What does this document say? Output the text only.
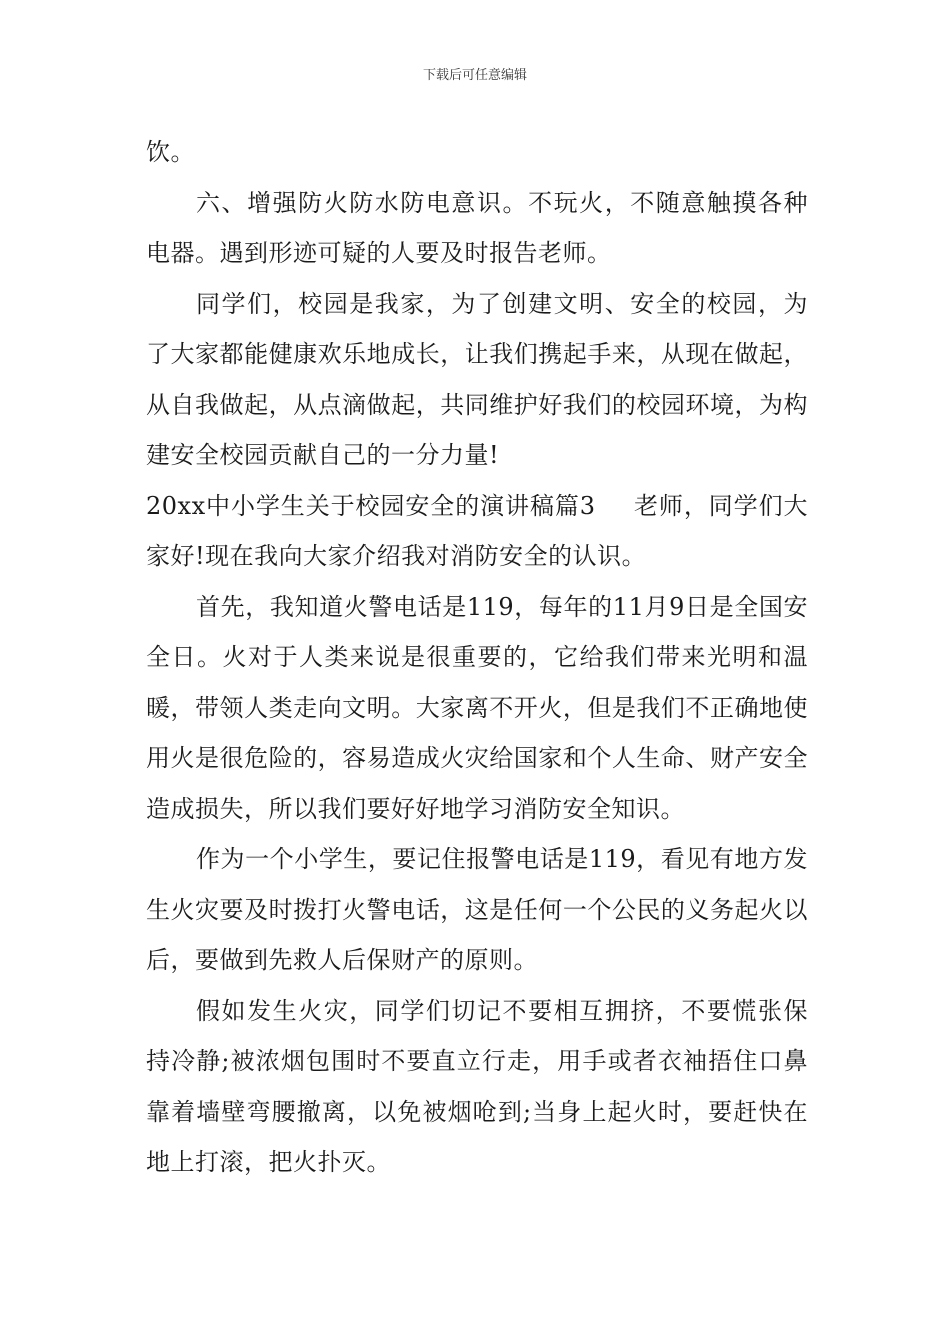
下载后可任意编辑

饮。

六、增强防火防水防电意识。不玩火，不随意触摸各种电器。遇到形迹可疑的人要及时报告老师。

同学们，校园是我家，为了创建文明、安全的校园，为了大家都能健康欢乐地成长，让我们携起手来，从现在做起，从自我做起，从点滴做起，共同维护好我们的校园环境，为构建安全校园贡献自己的一分力量!

20xx中小学生关于校园安全的演讲稿篇3 老师，同学们大家好!现在我向大家介绍我对消防安全的认识。

首先，我知道火警电话是119，每年的11月9日是全国安全日。火对于人类来说是很重要的，它给我们带来光明和温暖，带领人类走向文明。大家离不开火，但是我们不正确地使用火是很危险的，容易造成火灾给国家和个人生命、财产安全造成损失，所以我们要好好地学习消防安全知识。

作为一个小学生，要记住报警电话是119，看见有地方发生火灾要及时拨打火警电话，这是任何一个公民的义务起火以后，要做到先救人后保财产的原则。

假如发生火灾，同学们切记不要相互拥挤，不要慌张保持冷静;被浓烟包围时不要直立行走，用手或者衣袖捂住口鼻靠着墙壁弯腰撤离，以免被烟呛到;当身上起火时，要赶快在地上打滚，把火扑灭。
